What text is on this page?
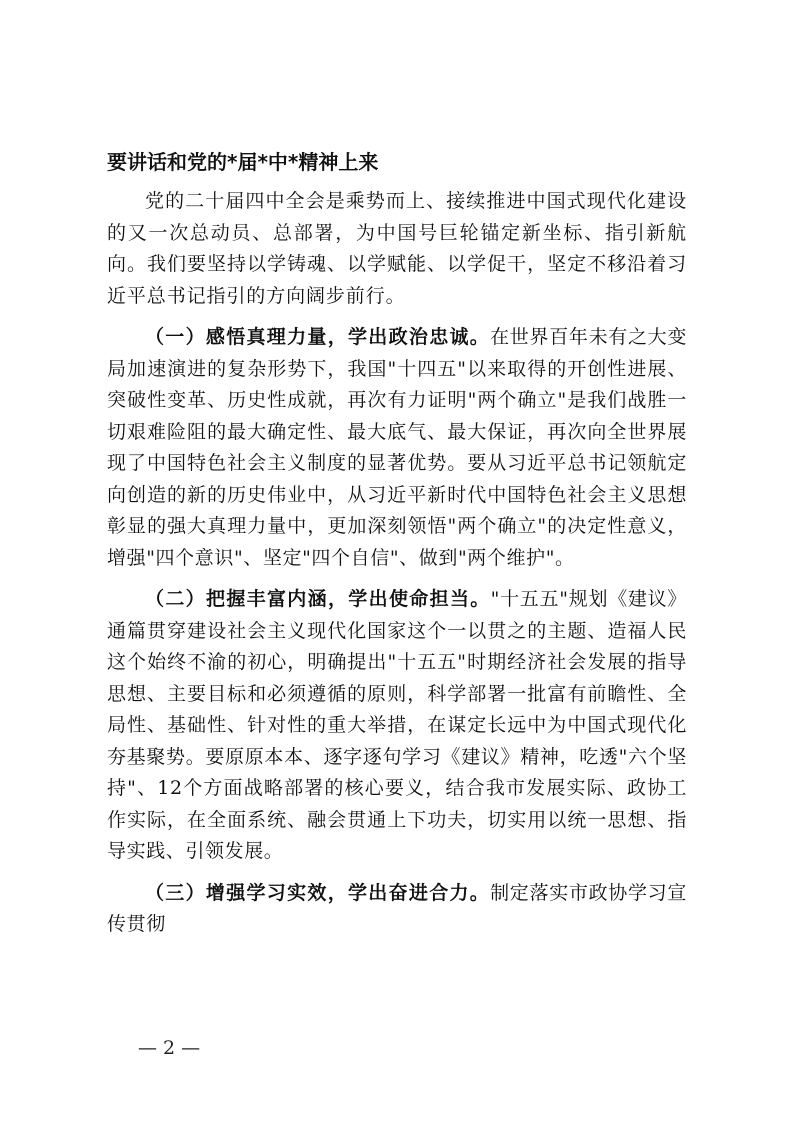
要讲话和党的*届*中*精神上来

党的二十届四中全会是乘势而上、接续推进中国式现代化建设的又一次总动员、总部署，为中国号巨轮锚定新坐标、指引新航向。我们要坚持以学铸魂、以学赋能、以学促干，坚定不移沿着习近平总书记指引的方向阔步前行。

（一）感悟真理力量，学出政治忠诚。在世界百年未有之大变局加速演进的复杂形势下，我国"十四五"以来取得的开创性进展、突破性变革、历史性成就，再次有力证明"两个确立"是我们战胜一切艰难险阻的最大确定性、最大底气、最大保证，再次向全世界展现了中国特色社会主义制度的显著优势。要从习近平总书记领航定向创造的新的历史伟业中，从习近平新时代中国特色社会主义思想彰显的强大真理力量中，更加深刻领悟"两个确立"的决定性意义，增强"四个意识"、坚定"四个自信"、做到"两个维护"。

（二）把握丰富内涵，学出使命担当。"十五五"规划《建议》通篇贯穿建设社会主义现代化国家这个一以贯之的主题、造福人民这个始终不渝的初心，明确提出"十五五"时期经济社会发展的指导思想、主要目标和必须遵循的原则，科学部署一批富有前瞻性、全局性、基础性、针对性的重大举措，在谋定长远中为中国式现代化夯基聚势。要原原本本、逐字逐句学习《建议》精神，吃透"六个坚持"、12个方面战略部署的核心要义，结合我市发展实际、政协工作实际，在全面系统、融会贯通上下功夫，切实用以统一思想、指导实践、引领发展。

（三）增强学习实效，学出奋进合力。制定落实市政协学习宣传贯彻

— 2 —
